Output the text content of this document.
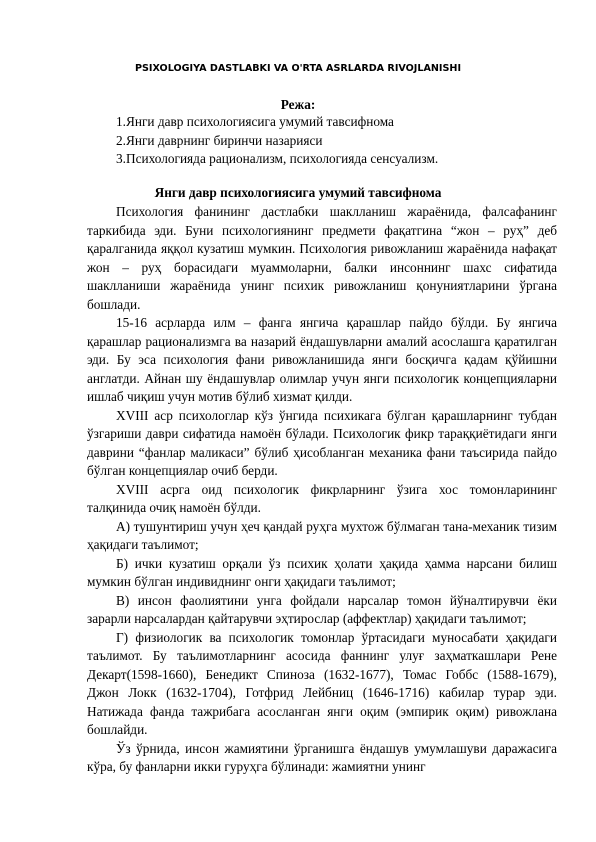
PSIXOLOGIYA DASTLABKI VA O'RTA ASRLARDA RIVOJLANISHI
Режа:
1.Янги давр психологиясига умумий тавсифнома
2.Янги даврнинг биринчи назарияси
3.Психологияда рационализм, психологияда сенсуализм.
Янги давр психологиясига умумий тавсифнома

Психология фанининг дастлабки шаклланиш жараёнида, фалсафанинг таркибида эди. Буни психологиянинг предмети фақатгина “жон – руҳ” деб қаралганида яққол кузатиш мумкин. Психология ривожланиш жараёнида нафақат жон – руҳ борасидаги муаммоларни, балки инсоннинг шахс сифатида шаклланиши жараёнида унинг психик ривожланиш қонуниятларини ўргана бошлади.

15-16 асрларда илм – фанга янгича қарашлар пайдо бўлди. Бу янгича қарашлар рационализмга ва назарий ёндашувларни амалий асослашга қаратилган эди. Бу эса психология фани ривожланишида янги босқичга қадам қўйишни англатди. Айнан шу ёндашувлар олимлар учун янги психологик концепцияларни ишлаб чиқиш учун мотив бўлиб хизмат қилди.

XVIII аср психологлар кўз ўнгида психикага бўлган қарашларнинг тубдан ўзгариши даври сифатида намоён бўлади. Психологик фикр тараққиётидаги янги даврини “фанлар маликаси” бўлиб ҳисобланган механика фани таъсирида пайдо бўлган концепциялар очиб берди.

XVIII асрга оид психологик фикрларнинг ўзига хос томонларининг талқинида очиқ намоён бўлди.

А) тушунтириш учун ҳеч қандай руҳга мухтож бўлмаган тана-механик тизим ҳақидаги таълимот;

Б) ички кузатиш орқали ўз психик ҳолати ҳақида ҳамма нарсани билиш мумкин бўлган индивиднинг онги ҳақидаги таълимот;

В) инсон фаолиятини унга фойдали нарсалар томон йўналтирувчи ёки зарарли нарсалардан қайтарувчи эҳтирослар (аффектлар) ҳақидаги таълимот;

Г) физиологик ва психологик томонлар ўртасидаги муносабати ҳақидаги таълимот. Бу таълимотларнинг асосида фаннинг улуғ заҳматкашлари Рене Декарт(1598-1660), Бенедикт Спиноза (1632-1677), Томас Гоббс (1588-1679), Джон Локк (1632-1704), Готфрид Лейбниц (1646-1716) кабилар турар эди. Натижада фанда тажрибага асосланган янги оқим (эмпирик оқим) ривожлана бошлайди.

Ўз ўрнида, инсон жамиятини ўрганишга ёндашув умумлашуви даражасига кўра, бу фанларни икки гуруҳга бўлинади: жамиятни унинг
